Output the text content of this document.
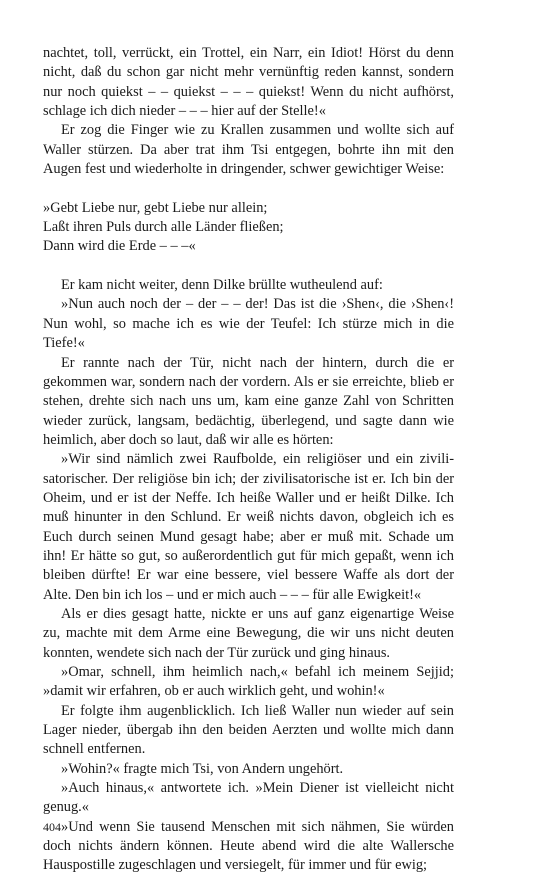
nachtet, toll, verrückt, ein Trottel, ein Narr, ein Idiot! Hörst du denn nicht, daß du schon gar nicht mehr vernünftig reden kannst, sondern nur noch quiekst – – quiekst – – – quiekst! Wenn du nicht aufhörst, schlage ich dich nieder – – – hier auf der Stelle!«

Er zog die Finger wie zu Krallen zusammen und wollte sich auf Waller stürzen. Da aber trat ihm Tsi entgegen, bohrte ihn mit den Augen fest und wiederholte in dringender, schwer gewichtiger Weise:

»Gebt Liebe nur, gebt Liebe nur allein;
Laßt ihren Puls durch alle Länder fließen;
Dann wird die Erde – – –«

Er kam nicht weiter, denn Dilke brüllte wutheulend auf:

»Nun auch noch der – der – – der! Das ist die ›Shen‹, die ›Shen‹! Nun wohl, so mache ich es wie der Teufel: Ich stürze mich in die Tiefe!«

Er rannte nach der Tür, nicht nach der hintern, durch die er gekommen war, sondern nach der vordern. Als er sie erreichte, blieb er stehen, drehte sich nach uns um, kam eine ganze Zahl von Schritten wieder zurück, langsam, bedächtig, überlegend, und sagte dann wie heimlich, aber doch so laut, daß wir alle es hörten:

»Wir sind nämlich zwei Raufbolde, ein religiöser und ein zivilisatorischer. Der religiöse bin ich; der zivilisatorische ist er. Ich bin der Oheim, und er ist der Neffe. Ich heiße Waller und er heißt Dilke. Ich muß hinunter in den Schlund. Er weiß nichts davon, obgleich ich es Euch durch seinen Mund gesagt habe; aber er muß mit. Schade um ihn! Er hätte so gut, so außerordentlich gut für mich gepaßt, wenn ich bleiben dürfte! Er war eine bessere, viel bessere Waffe als dort der Alte. Den bin ich los – und er mich auch – – – für alle Ewigkeit!«

Als er dies gesagt hatte, nickte er uns auf ganz eigenartige Weise zu, machte mit dem Arme eine Bewegung, die wir uns nicht deuten konnten, wendete sich nach der Tür zurück und ging hinaus.

»Omar, schnell, ihm heimlich nach,« befahl ich meinem Sejjid; »damit wir erfahren, ob er auch wirklich geht, und wohin!«

Er folgte ihm augenblicklich. Ich ließ Waller nun wieder auf sein Lager nieder, übergab ihn den beiden Aerzten und wollte mich dann schnell entfernen.

»Wohin?« fragte mich Tsi, von Andern ungehört.

»Auch hinaus,« antwortete ich. »Mein Diener ist vielleicht nicht genug.«

»Und wenn Sie tausend Menschen mit sich nähmen, Sie würden doch nichts ändern können. Heute abend wird die alte Wallersche Hauspostille zugeschlagen und versiegelt, für immer und für ewig;

404
